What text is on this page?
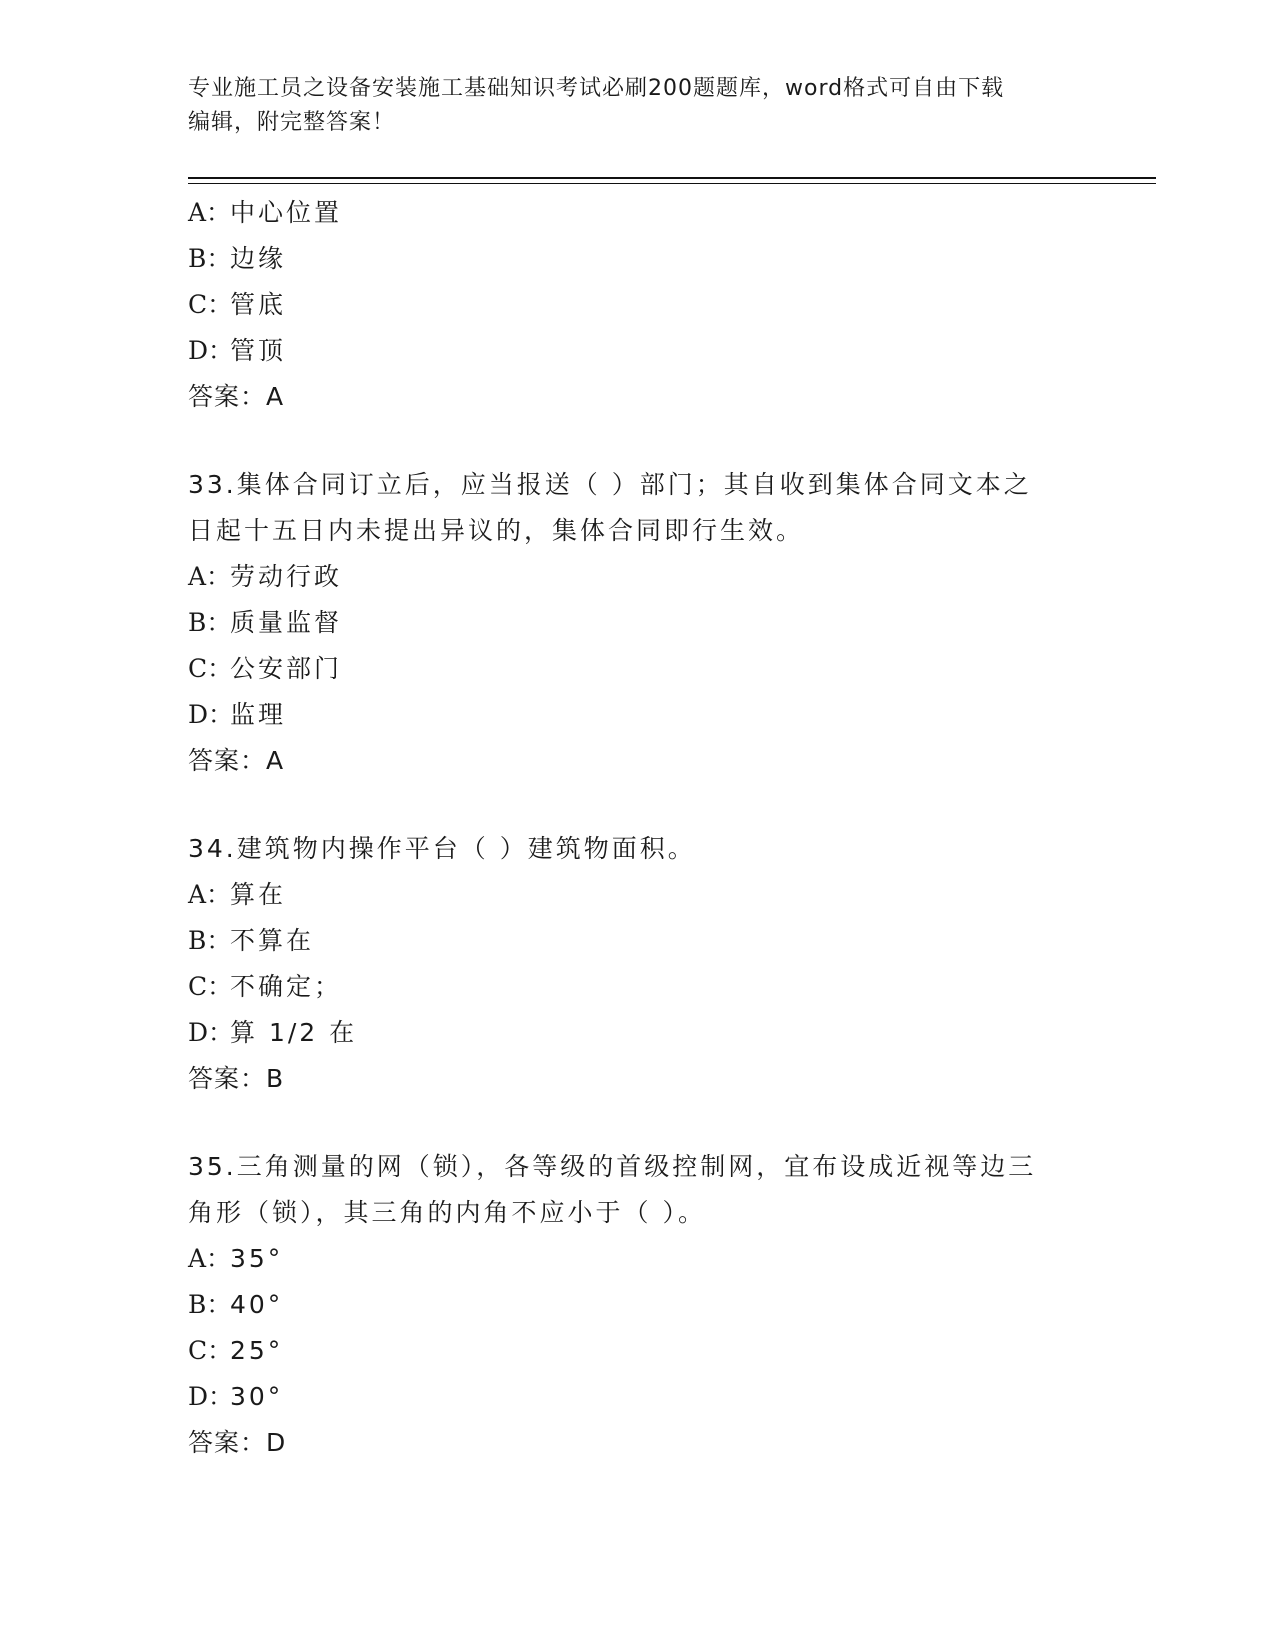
专业施工员之设备安装施工基础知识考试必刷200题题库，word格式可自由下载
编辑，附完整答案！
A：中心位置
B：边缘
C：管底
D：管顶
答案：A
33.集体合同订立后，应当报送（ ）部门；其自收到集体合同文本之
日起十五日内未提出异议的，集体合同即行生效。
A：劳动行政
B：质量监督
C：公安部门
D：监理
答案：A
34.建筑物内操作平台（ ）建筑物面积。
A：算在
B：不算在
C：不确定；
D：算 1/2 在
答案：B
35.三角测量的网（锁），各等级的首级控制网，宜布设成近视等边三
角形（锁），其三角的内角不应小于（ ）。
A：35°
B：40°
C：25°
D：30°
答案：D
